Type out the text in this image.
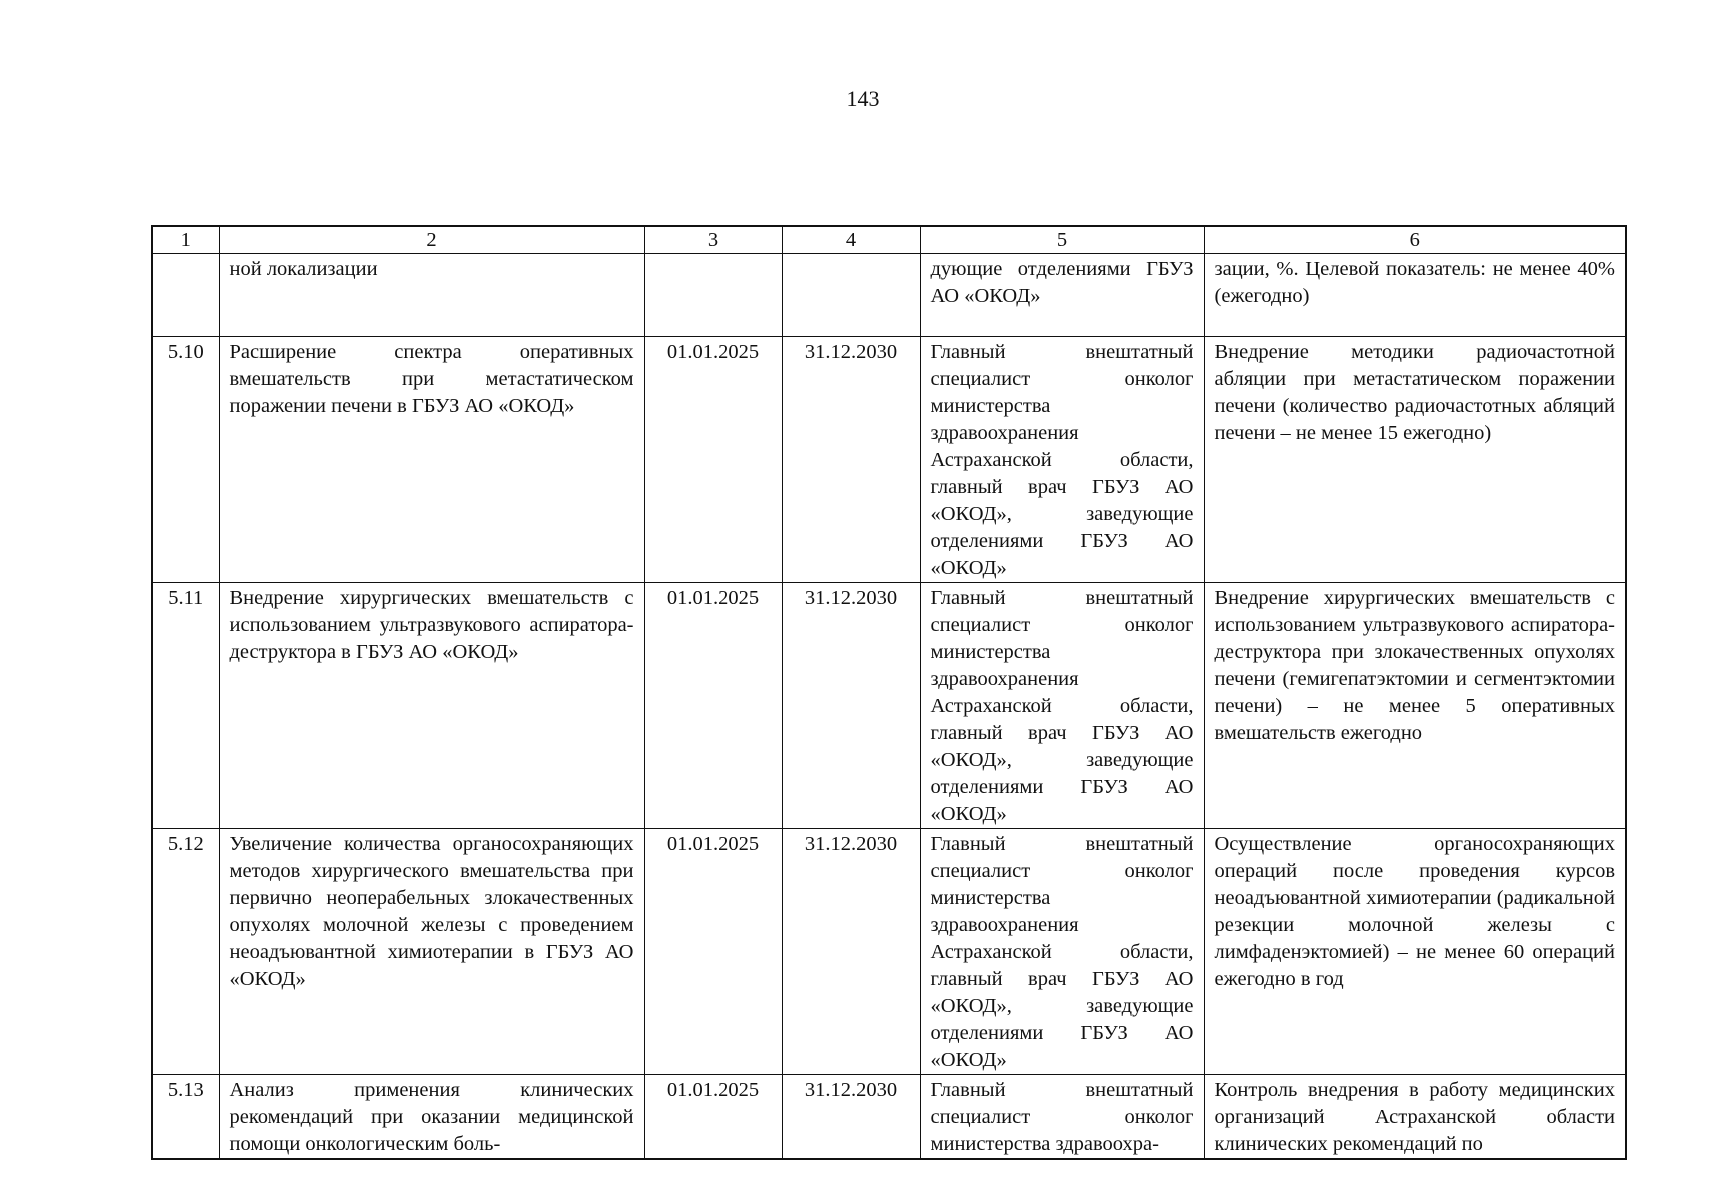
143
1	2	3	4	5	6
	ной локализации			дующие отделениями ГБУЗ АО «ОКОД»	зации, %. Целевой показатель: не менее 40% (ежегодно)
5.10	Расширение спектра оперативных вмешательств при метастатическом поражении печени в ГБУЗ АО «ОКОД»	01.01.2025	31.12.2030	Главный внештатный специалист онколог министерства здравоохранения Астраханской области, главный врач ГБУЗ АО «ОКОД», заведующие отделениями ГБУЗ АО «ОКОД»	Внедрение методики радиочастотной абляции при метастатическом поражении печени (количество радиочастотных абляций печени – не менее 15 ежегодно)
5.11	Внедрение хирургических вмешательств с использованием ультразвукового аспиратора-деструктора в ГБУЗ АО «ОКОД»	01.01.2025	31.12.2030	Главный внештатный специалист онколог министерства здравоохранения Астраханской области, главный врач ГБУЗ АО «ОКОД», заведующие отделениями ГБУЗ АО «ОКОД»	Внедрение хирургических вмешательств с использованием ультразвукового аспиратора-деструктора при злокачественных опухолях печени (гемигепатэктомии и сегментэктомии печени) – не менее 5 оперативных вмешательств ежегодно
5.12	Увеличение количества органосохраняющих методов хирургического вмешательства при первично неоперабельных злокачественных опухолях молочной железы с проведением неоадъювантной химиотерапии в ГБУЗ АО «ОКОД»	01.01.2025	31.12.2030	Главный внештатный специалист онколог министерства здравоохранения Астраханской области, главный врач ГБУЗ АО «ОКОД», заведующие отделениями ГБУЗ АО «ОКОД»	Осуществление органосохраняющих операций после проведения курсов неоадъювантной химиотерапии (радикальной резекции молочной железы с лимфаденэктомией) – не менее 60 операций ежегодно в год
5.13	Анализ применения клинических рекомендаций при оказании медицинской помощи онкологическим боль-	01.01.2025	31.12.2030	Главный внештатный специалист онколог министерства здравоохра-	Контроль внедрения в работу медицинских организаций Астраханской области клинических рекомендаций по
